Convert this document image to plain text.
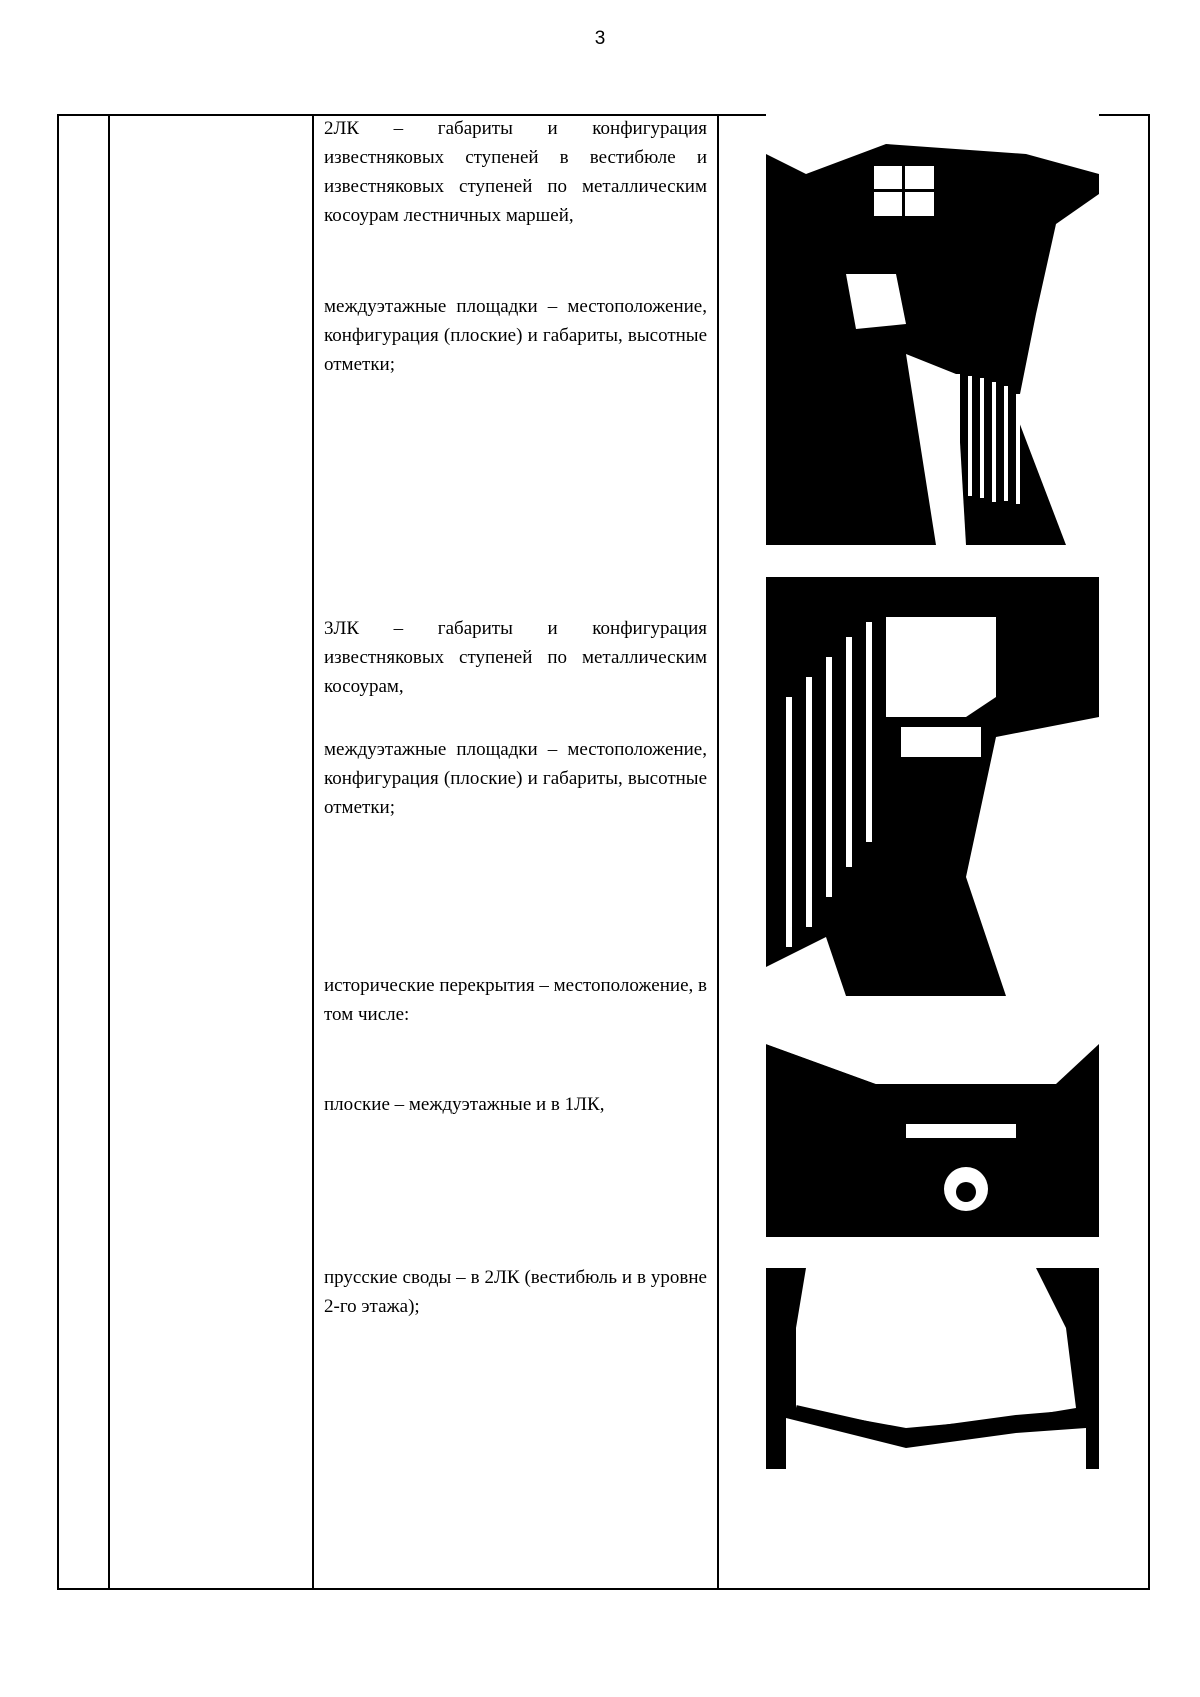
3
2ЛК – габариты и конфигурация известняковых ступеней в вестибюле и известняковых ступеней по металлическим косоурам лестничных маршей,
междуэтажные площадки – местоположение, конфигурация (плоские) и габариты, высотные отметки;
3ЛК – габариты и конфигурация известняковых ступеней по металлическим косоурам,
междуэтажные площадки – местоположение, конфигурация (плоские) и габариты, высотные отметки;
исторические перекрытия – местоположение, в том числе:
плоские – междуэтажные и в 1ЛК,
прусские своды – в 2ЛК (вестибюль и в уровне 2-го этажа);
